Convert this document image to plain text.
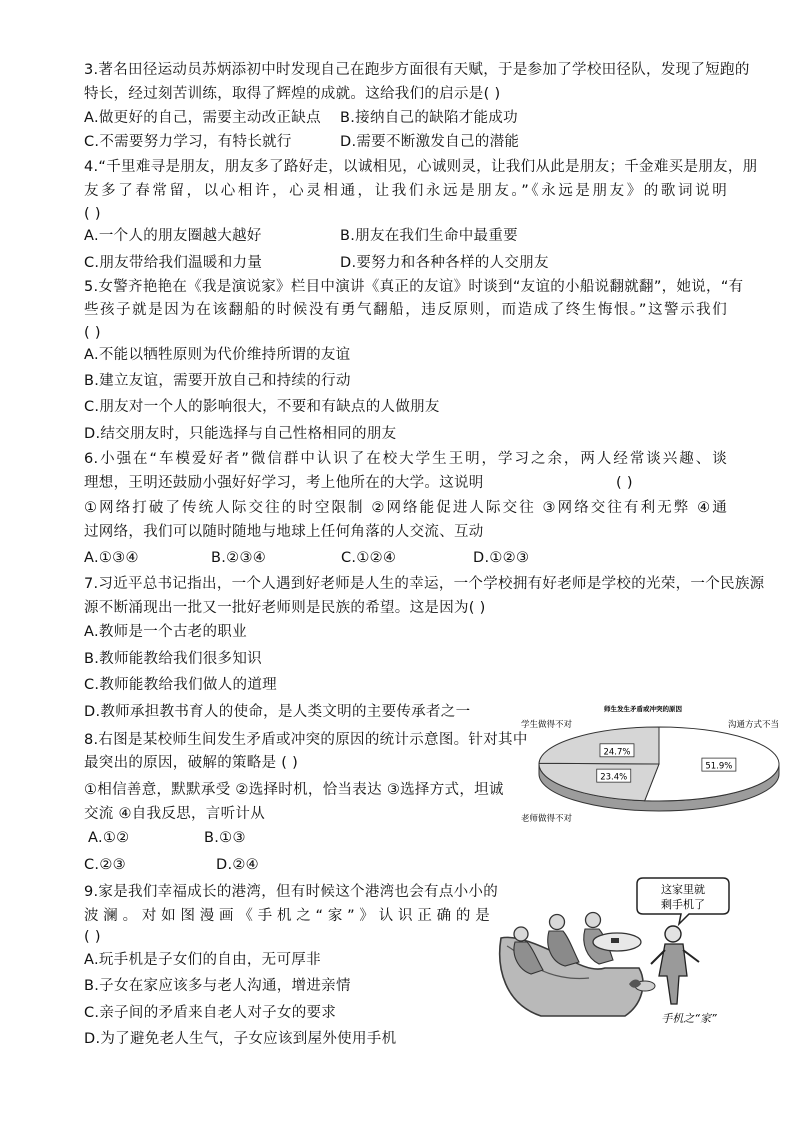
3.著名田径运动员苏炳添初中时发现自己在跑步方面很有天赋，于是参加了学校田径队，发现了短跑的
特长，经过刻苦训练，取得了辉煌的成就。这给我们的启示是( )
A.做更好的自己，需要主动改正缺点 B.接纳自己的缺陷才能成功
C.不需要努力学习，有特长就行	D.需要不断激发自己的潜能
4.“千里难寻是朋友，朋友多了路好走，以诚相见，心诚则灵，让我们从此是朋友；千金难买是朋友，朋
友多了春常留，以心相许，心灵相通，让我们永远是朋友。”《永远是朋友》的歌词说明
( )
A.一个人的朋友圈越大越好	B.朋友在我们生命中最重要
C.朋友带给我们温暖和力量	D.要努力和各种各样的人交朋友
5.女警齐艳艳在《我是演说家》栏目中演讲《真正的友谊》时谈到“友谊的小船说翻就翻”，她说，“有
些孩子就是因为在该翻船的时候没有勇气翻船，违反原则，而造成了终生悔恨。”这警示我们
( )
A.不能以牺牲原则为代价维持所谓的友谊
B.建立友谊，需要开放自己和持续的行动
C.朋友对一个人的影响很大，不要和有缺点的人做朋友
D.结交朋友时，只能选择与自己性格相同的朋友
6.小强在“车模爱好者”微信群中认识了在校大学生王明，学习之余，两人经常谈兴趣、谈
理想，王明还鼓励小强好好学习，考上他所在的大学。这说明	( )
①网络打破了传统人际交往的时空限制 ②网络能促进人际交往 ③网络交往有利无弊 ④通
过网络，我们可以随时随地与地球上任何角落的人交流、互动
A.①③④	B.②③④	C.①②④	D.①②③
7.习近平总书记指出，一个人遇到好老师是人生的幸运，一个学校拥有好老师是学校的光荣，一个民族源
源不断涌现出一批又一批好老师则是民族的希望。这是因为( )
A.教师是一个古老的职业
B.教师能教给我们很多知识
C.教师能教给我们做人的道理
D.教师承担教书育人的使命，是人类文明的主要传承者之一
8.右图是某校师生间发生矛盾或冲突的原因的统计示意图。针对其中
最突出的原因，破解的策略是 ( )
①相信善意，默默承受 ②选择时机，恰当表达 ③选择方式，坦诚
交流 ④自我反思，言听计从
A.①②	B.①③
C.②③	D.②④
师生发生矛盾或冲突的原因
学生做得不对	沟通方式不当
老师做得不对
51.9%
23.4%
24.7%
9.家是我们幸福成长的港湾，但有时候这个港湾也会有点小小的
波澜。对如图漫画《手机之“家”》认识正确的是
( )
A.玩手机是子女们的自由，无可厚非
B.子女在家应该多与老人沟通，增进亲情
C.亲子间的矛盾来自老人对子女的要求
D.为了避免老人生气，子女应该到屋外使用手机
这家里就
剩手机了
手机之“家”
